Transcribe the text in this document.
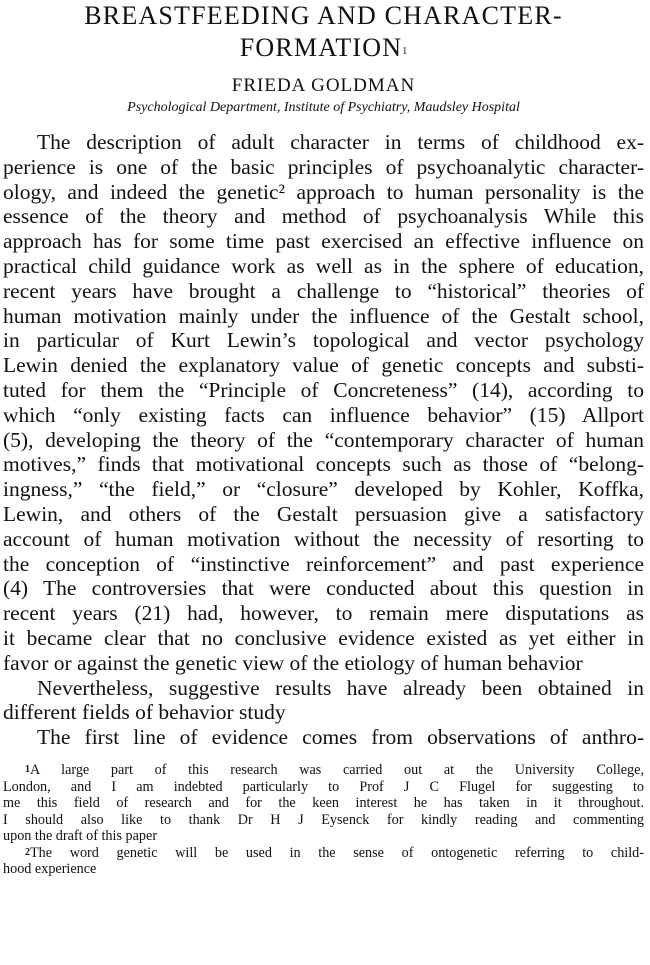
BREASTFEEDING AND CHARACTER-
FORMATION$^1$
FRIEDA GOLDMAN
Psychological Department, Institute of Psychiatry, Maudsley Hospital

The description of adult character in terms of childhood ex-
perience is one of the basic principles of psychoanalytic character-
ology, and indeed the genetic² approach to human personality is the
essence of the theory and method of psychoanalysis While this
approach has for some time past exercised an effective influence on
practical child guidance work as well as in the sphere of education,
recent years have brought a challenge to “historical” theories of
human motivation mainly under the influence of the Gestalt school,
in particular of Kurt Lewin’s topological and vector psychology
Lewin denied the explanatory value of genetic concepts and substi-
tuted for them the “Principle of Concreteness” (14), according to
which “only existing facts can influence behavior” (15) Allport
(5), developing the theory of the “contemporary character of human
motives,” finds that motivational concepts such as those of “belong-
ingness,” “the field,” or “closure” developed by Kohler, Koffka,
Lewin, and others of the Gestalt persuasion give a satisfactory
account of human motivation without the necessity of resorting to
the conception of “instinctive reinforcement” and past experience
(4) The controversies that were conducted about this question in
recent years (21) had, however, to remain mere disputations as
it became clear that no conclusive evidence existed as yet either in
favor or against the genetic view of the etiology of human behavior

Nevertheless, suggestive results have already been obtained in
different fields of behavior study

The first line of evidence comes from observations of anthro-

$^1$A large part of this research was carried out at the University College,
London, and I am indebted particularly to Prof J C Flugel for suggesting to
me this field of research and for the keen interest he has taken in it throughout.
I should also like to thank Dr H J Eysenck for kindly reading and commenting
upon the draft of this paper
$^2$The word genetic will be used in the sense of ontogenetic referring to child-
hood experience
